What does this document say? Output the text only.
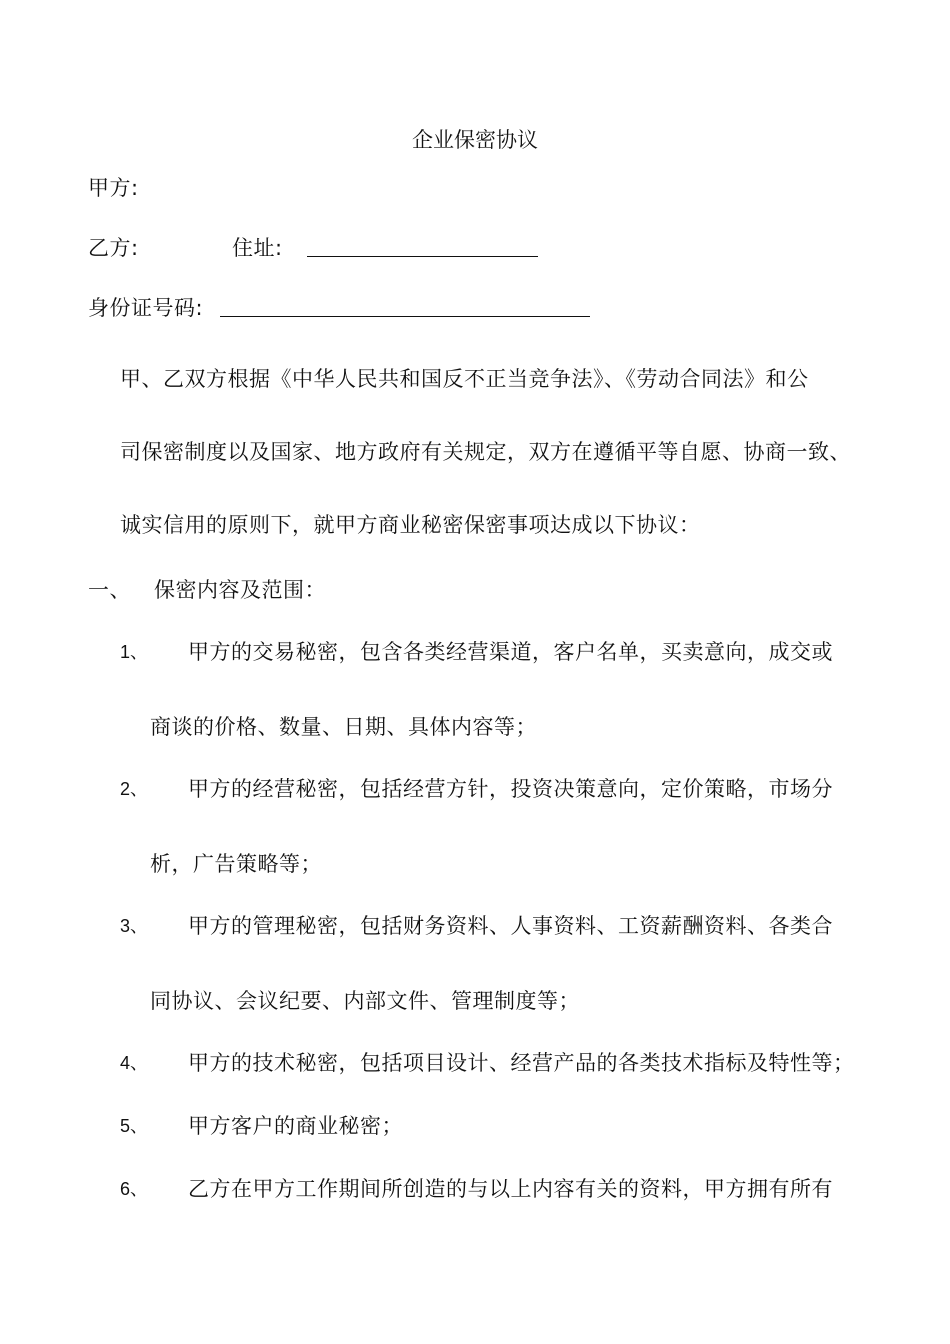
企业保密协议
甲方:
乙方:	住址:
身份证号码:
甲、乙双方根据《中华人民共和国反不正当竞争法》、《劳动合同法》和公
司保密制度以及国家、地方政府有关规定，双方在遵循平等自愿、协商一致、
诚实信用的原则下，就甲方商业秘密保密事项达成以下协议：
一、 保密内容及范围：
1、 甲方的交易秘密，包含各类经营渠道，客户名单，买卖意向，成交或
商谈的价格、数量、日期、具体内容等；
2、 甲方的经营秘密，包括经营方针，投资决策意向，定价策略，市场分
析，广告策略等；
3、 甲方的管理秘密，包括财务资料、人事资料、工资薪酬资料、各类合
同协议、会议纪要、内部文件、管理制度等；
4、 甲方的技术秘密，包括项目设计、经营产品的各类技术指标及特性等；
5、 甲方客户的商业秘密；
6、 乙方在甲方工作期间所创造的与以上内容有关的资料，甲方拥有所有
